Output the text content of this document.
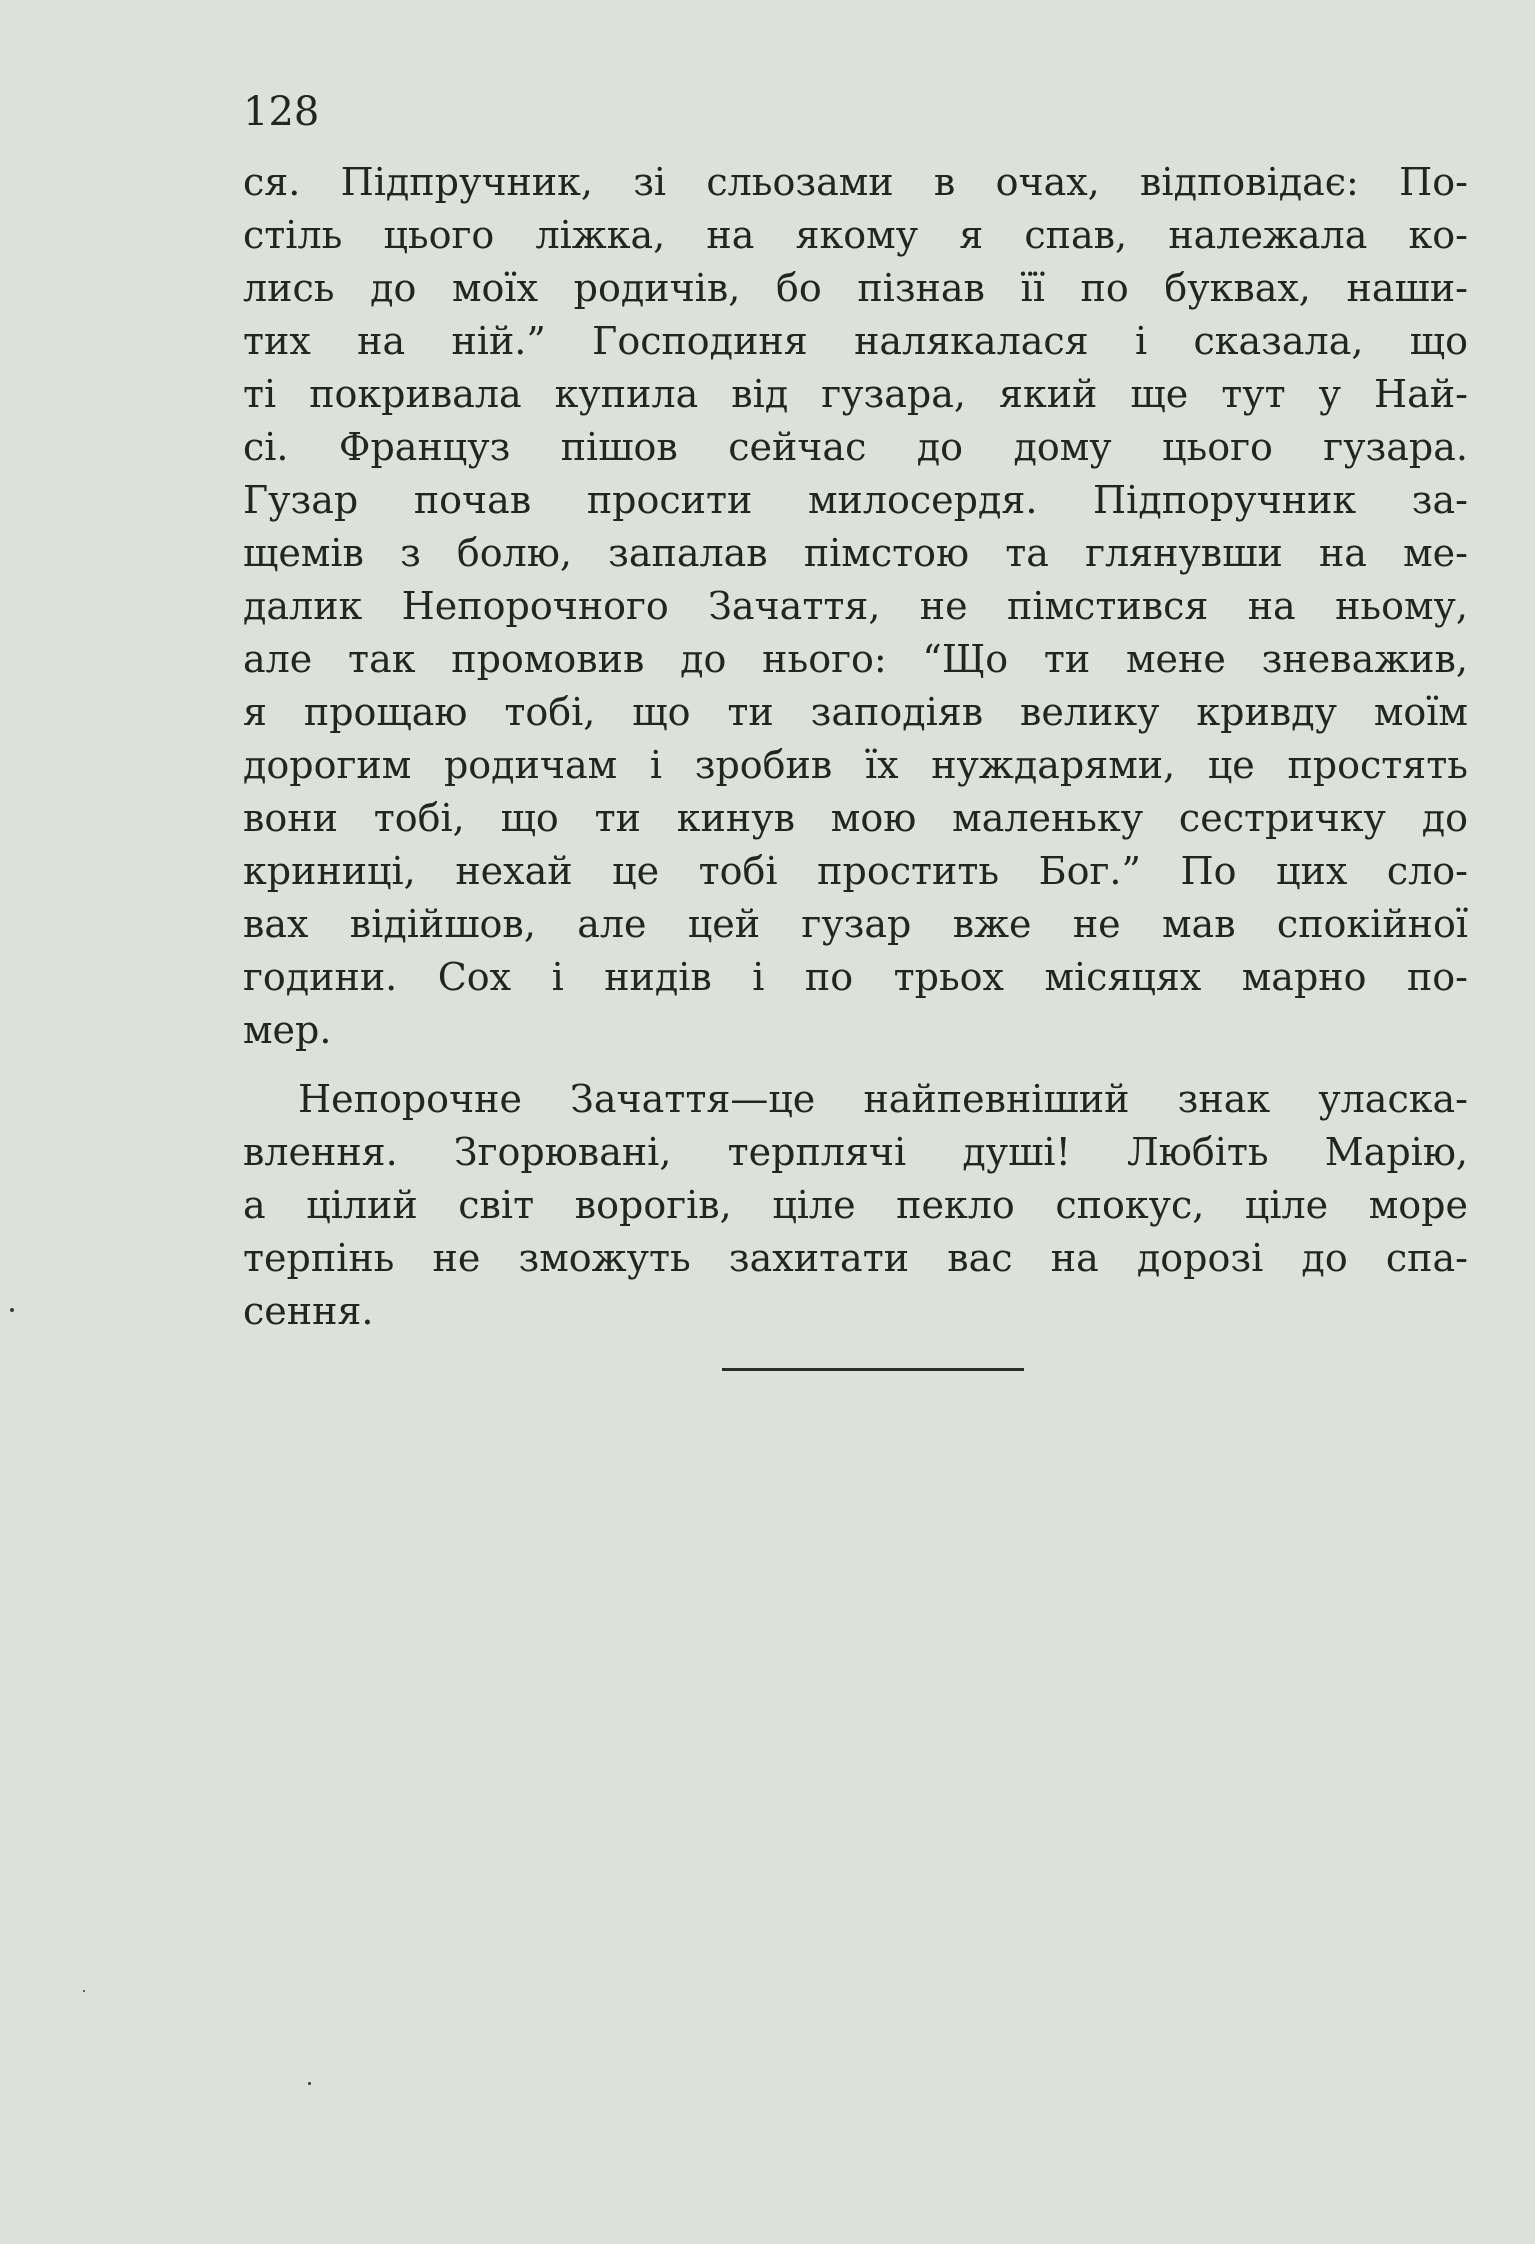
128
ся. Підпручник, зі сльозами в очах, відповідає: По-
стіль цього ліжка, на якому я спав, належала ко-
лись до моїх родичів, бо пізнав її по буквах, наши-
тих на ній.” Господиня налякалася і сказала, що
ті покривала купила від гузара, який ще тут у Най-
сі. Француз пішов сейчас до дому цього гузара.
Гузар почав просити милосердя. Підпоручник за-
щемів з болю, запалав пімстою та глянувши на ме-
далик Непорочного Зачаття, не пімстився на ньому,
але так промовив до нього: “Що ти мене зневажив,
я прощаю тобі, що ти заподіяв велику кривду моїм
дорогим родичам і зробив їх нуждарями, це простять
вони тобі, що ти кинув мою маленьку сестричку до
криниці, нехай це тобі простить Бог.” По цих сло-
вах відійшов, але цей гузар вже не мав спокійної
години. Сох і нидів і по трьох місяцях марно по-
мер.
Непорочне Зачаття—це найпевніший знак уласка-
влення. Згорювані, терплячі душі! Любіть Марію,
а цілий світ ворогів, ціле пекло спокус, ціле море
терпінь не зможуть захитати вас на дорозі до спа-
сення.
